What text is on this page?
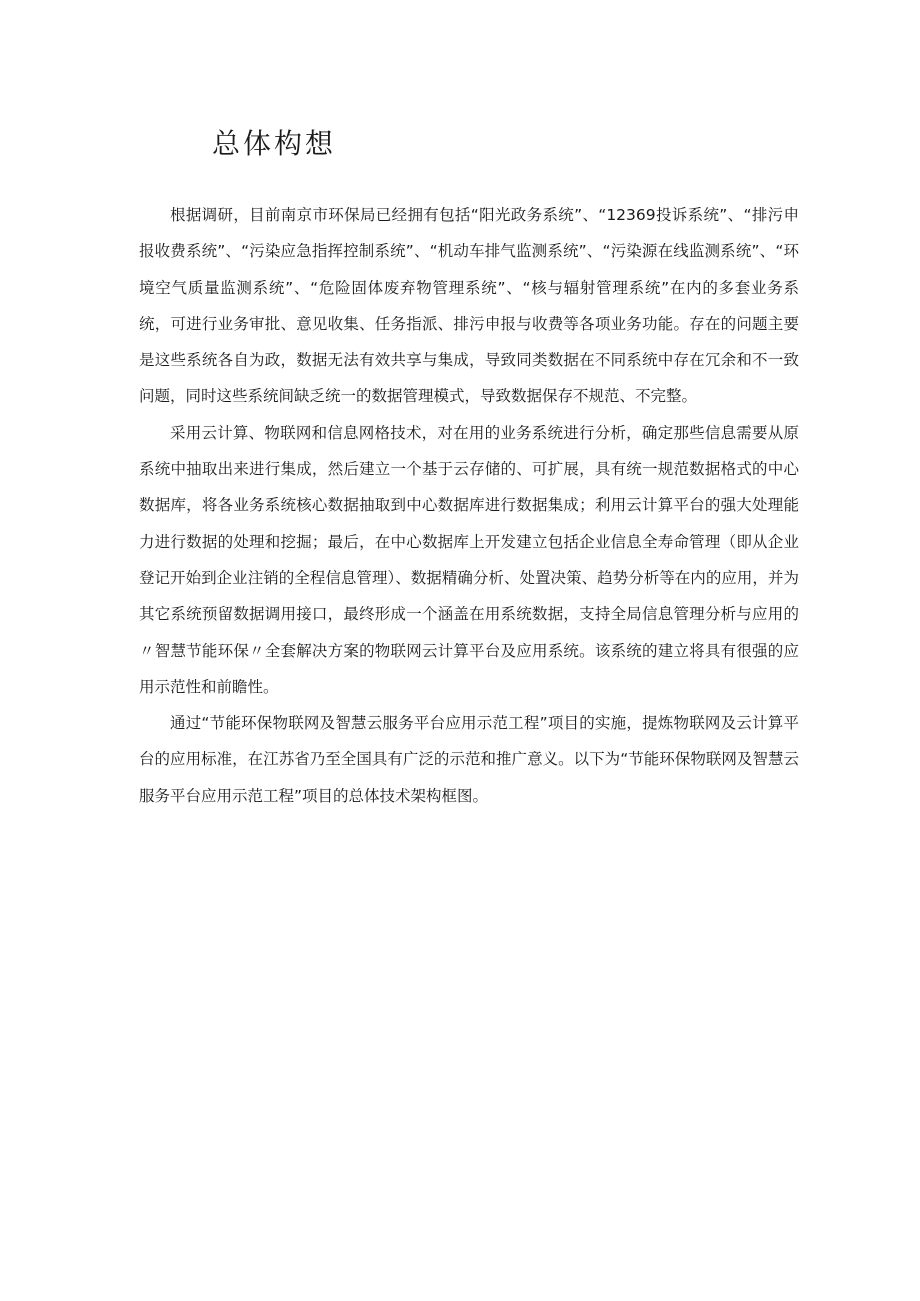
总体构想

根据调研，目前南京市环保局已经拥有包括“阳光政务系统”、“12369投诉系统”、“排污申报收费系统”、“污染应急指挥控制系统”、“机动车排气监测系统”、“污染源在线监测系统”、“环境空气质量监测系统”、“危险固体废弃物管理系统”、“核与辐射管理系统”在内的多套业务系统，可进行业务审批、意见收集、任务指派、排污申报与收费等各项业务功能。存在的问题主要是这些系统各自为政，数据无法有效共享与集成，导致同类数据在不同系统中存在冗余和不一致问题，同时这些系统间缺乏统一的数据管理模式，导致数据保存不规范、不完整。

采用云计算、物联网和信息网格技术，对在用的业务系统进行分析，确定那些信息需要从原系统中抽取出来进行集成，然后建立一个基于云存储的、可扩展，具有统一规范数据格式的中心数据库，将各业务系统核心数据抽取到中心数据库进行数据集成；利用云计算平台的强大处理能力进行数据的处理和挖掘；最后，在中心数据库上开发建立包括企业信息全寿命管理（即从企业登记开始到企业注销的全程信息管理）、数据精确分析、处置决策、趋势分析等在内的应用，并为其它系统预留数据调用接口，最终形成一个涵盖在用系统数据，支持全局信息管理分析与应用的〃智慧节能环保〃全套解决方案的物联网云计算平台及应用系统。该系统的建立将具有很强的应用示范性和前瞻性。

通过“节能环保物联网及智慧云服务平台应用示范工程”项目的实施，提炼物联网及云计算平台的应用标准，在江苏省乃至全国具有广泛的示范和推广意义。以下为“节能环保物联网及智慧云服务平台应用示范工程”项目的总体技术架构框图。
